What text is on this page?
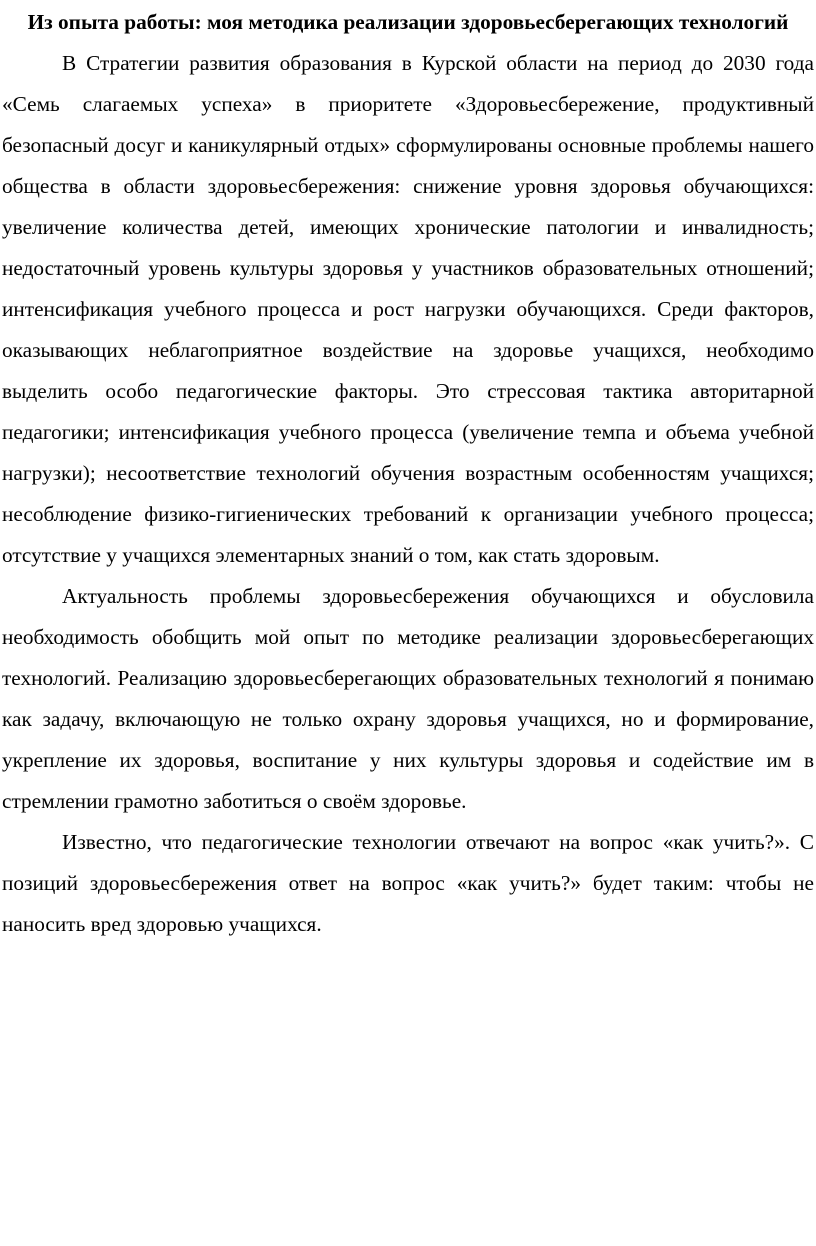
Из опыта работы: моя методика реализации здоровьесберегающих технологий

В Стратегии развития образования в Курской области на период до 2030 года «Семь слагаемых успеха» в приоритете «Здоровьесбережение, продуктивный безопасный досуг и каникулярный отдых» сформулированы основные проблемы нашего общества в области здоровьесбережения: снижение уровня здоровья обучающихся: увеличение количества детей, имеющих хронические патологии и инвалидность; недостаточный уровень культуры здоровья у участников образовательных отношений; интенсификация учебного процесса и рост нагрузки обучающихся. Среди факторов, оказывающих неблагоприятное воздействие на здоровье учащихся, необходимо выделить особо педагогические факторы. Это стрессовая тактика авторитарной педагогики; интенсификация учебного процесса (увеличение темпа и объема учебной нагрузки); несоответствие технологий обучения возрастным особенностям учащихся; несоблюдение физико-гигиенических требований к организации учебного процесса; отсутствие у учащихся элементарных знаний о том, как стать здоровым.

Актуальность проблемы здоровьесбережения обучающихся и обусловила необходимость обобщить мой опыт по методике реализации здоровьесберегающих технологий. Реализацию здоровьесберегающих образовательных технологий я понимаю как задачу, включающую не только охрану здоровья учащихся, но и формирование, укрепление их здоровья, воспитание у них культуры здоровья и содействие им в стремлении грамотно заботиться о своём здоровье.

Известно, что педагогические технологии отвечают на вопрос «как учить?». С позиций здоровьесбережения ответ на вопрос «как учить?» будет таким: чтобы не наносить вред здоровью учащихся.
